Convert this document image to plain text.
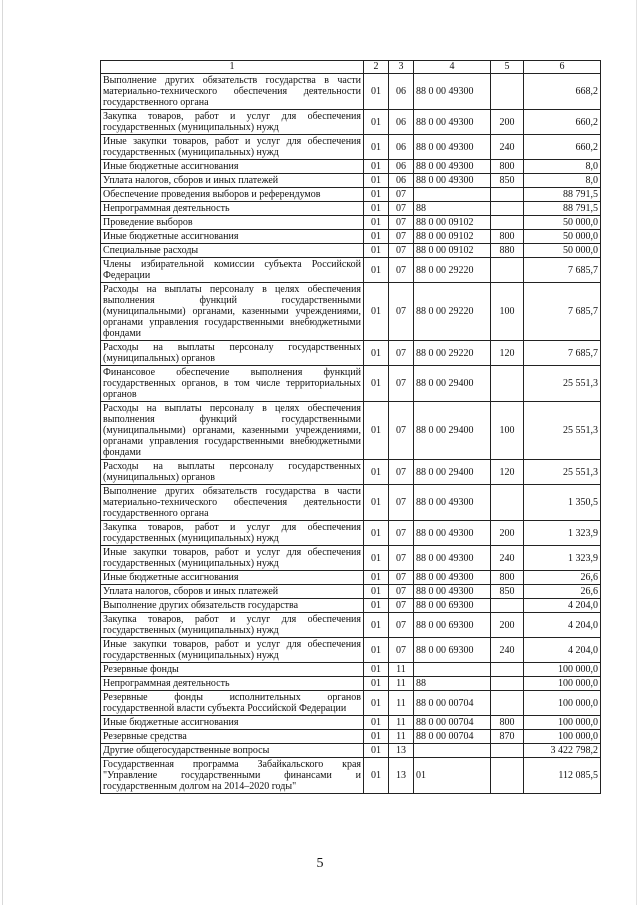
1	2	3	4	5	6
Выполнение других обязательств государства в части материально-технического обеспечения деятельности государственного органа	01	06	88 0 00 49300		668,2
Закупка товаров, работ и услуг для обеспечения государственных (муниципальных) нужд	01	06	88 0 00 49300	200	660,2
Иные закупки товаров, работ и услуг для обеспечения государственных (муниципальных) нужд	01	06	88 0 00 49300	240	660,2
Иные бюджетные ассигнования	01	06	88 0 00 49300	800	8,0
Уплата налогов, сборов и иных платежей	01	06	88 0 00 49300	850	8,0
Обеспечение проведения выборов и референдумов	01	07			88 791,5
Непрограммная деятельность	01	07	88		88 791,5
Проведение выборов	01	07	88 0 00 09102		50 000,0
Иные бюджетные ассигнования	01	07	88 0 00 09102	800	50 000,0
Специальные расходы	01	07	88 0 00 09102	880	50 000,0
Члены избирательной комиссии субъекта Российской Федерации	01	07	88 0 00 29220		7 685,7
Расходы на выплаты персоналу в целях обеспечения выполнения функций государственными (муниципальными) органами, казенными учреждениями, органами управления государственными внебюджетными фондами	01	07	88 0 00 29220	100	7 685,7
Расходы на выплаты персоналу государственных (муниципальных) органов	01	07	88 0 00 29220	120	7 685,7
Финансовое обеспечение выполнения функций государственных органов, в том числе территориальных органов	01	07	88 0 00 29400		25 551,3
Расходы на выплаты персоналу в целях обеспечения выполнения функций государственными (муниципальными) органами, казенными учреждениями, органами управления государственными внебюджетными фондами	01	07	88 0 00 29400	100	25 551,3
Расходы на выплаты персоналу государственных (муниципальных) органов	01	07	88 0 00 29400	120	25 551,3
Выполнение других обязательств государства в части материально-технического обеспечения деятельности государственного органа	01	07	88 0 00 49300		1 350,5
Закупка товаров, работ и услуг для обеспечения государственных (муниципальных) нужд	01	07	88 0 00 49300	200	1 323,9
Иные закупки товаров, работ и услуг для обеспечения государственных (муниципальных) нужд	01	07	88 0 00 49300	240	1 323,9
Иные бюджетные ассигнования	01	07	88 0 00 49300	800	26,6
Уплата налогов, сборов и иных платежей	01	07	88 0 00 49300	850	26,6
Выполнение других обязательств государства	01	07	88 0 00 69300		4 204,0
Закупка товаров, работ и услуг для обеспечения государственных (муниципальных) нужд	01	07	88 0 00 69300	200	4 204,0
Иные закупки товаров, работ и услуг для обеспечения государственных (муниципальных) нужд	01	07	88 0 00 69300	240	4 204,0
Резервные фонды	01	11			100 000,0
Непрограммная деятельность	01	11	88		100 000,0
Резервные фонды исполнительных органов государственной власти субъекта Российской Федерации	01	11	88 0 00 00704		100 000,0
Иные бюджетные ассигнования	01	11	88 0 00 00704	800	100 000,0
Резервные средства	01	11	88 0 00 00704	870	100 000,0
Другие общегосударственные вопросы	01	13			3 422 798,2
Государственная программа Забайкальского края "Управление государственными финансами и государственным долгом на 2014–2020 годы"	01	13	01		112 085,5
5
